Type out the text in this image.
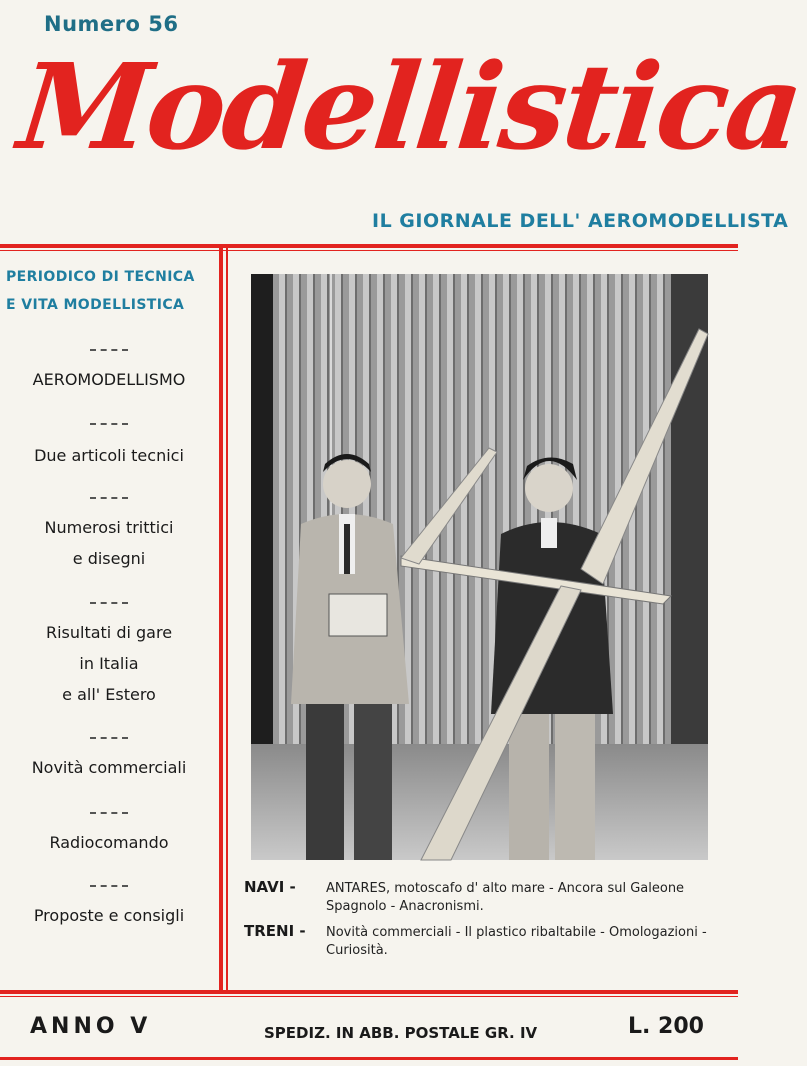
Numero 56
Modellistica
IL GIORNALE DELL' AEROMODELLISTA
PERIODICO DI TECNICA
E VITA MODELLISTICA
AEROMODELLISMO
Due articoli tecnici
Numerosi trittici
e disegni
Risultati di gare
in Italia
e all' Estero
Novità commerciali
Radiocomando
Proposte e consigli
NAVI -	ANTARES, motoscafo d' alto mare - Ancora sul Galeone Spagnolo - Anacronismi.
TRENI -	Novità commerciali - Il plastico ribaltabile - Omologazioni - Curiosità.
ANNO V	SPEDIZ. IN ABB. POSTALE GR. IV	L. 200
